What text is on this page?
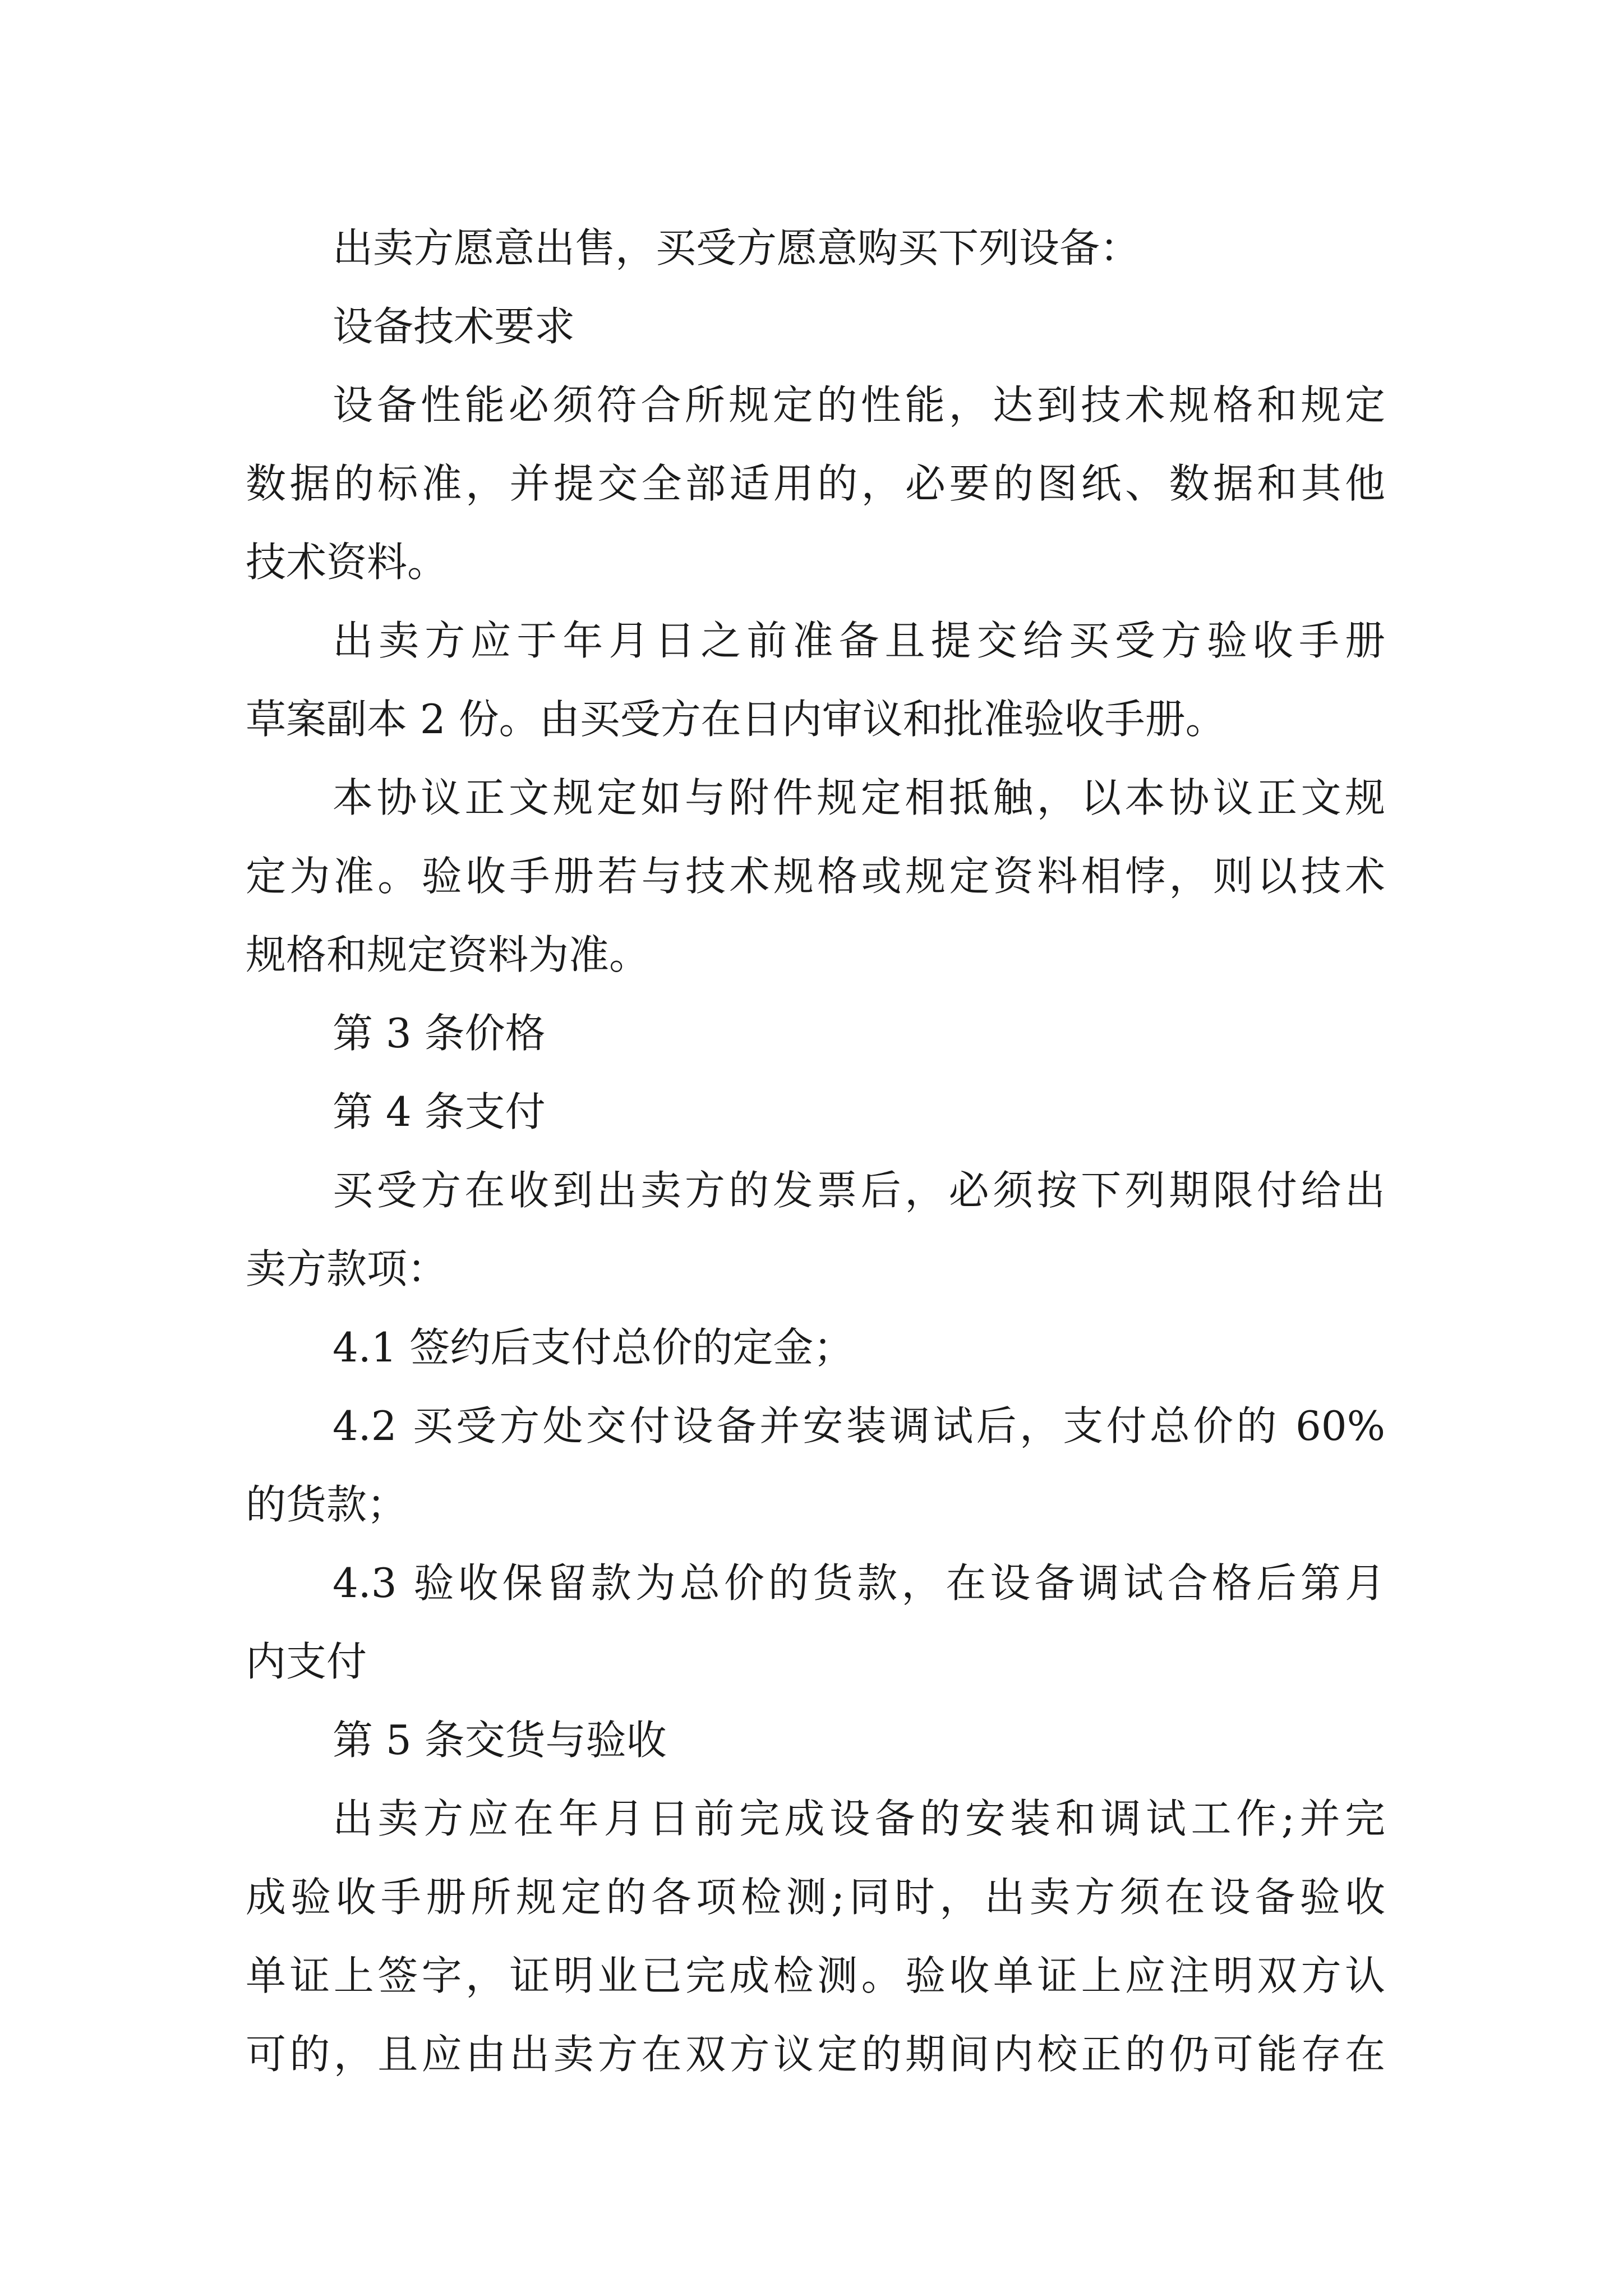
出卖方愿意出售，买受方愿意购买下列设备：
设备技术要求
设备性能必须符合所规定的性能，达到技术规格和规定
数据的标准，并提交全部适用的，必要的图纸、数据和其他
技术资料。
出卖方应于年月日之前准备且提交给买受方验收手册
草案副本 2 份。由买受方在日内审议和批准验收手册。
本协议正文规定如与附件规定相抵触，以本协议正文规
定为准。验收手册若与技术规格或规定资料相悖，则以技术
规格和规定资料为准。
第 3 条价格
第 4 条支付
买受方在收到出卖方的发票后，必须按下列期限付给出
卖方款项：
4.1 签约后支付总价的定金；
4.2 买受方处交付设备并安装调试后，支付总价的 60%
的货款；
4.3 验收保留款为总价的货款，在设备调试合格后第月
内支付
第 5 条交货与验收
出卖方应在年月日前完成设备的安装和调试工作;并完
成验收手册所规定的各项检测;同时，出卖方须在设备验收
单证上签字，证明业已完成检测。验收单证上应注明双方认
可的，且应由出卖方在双方议定的期间内校正的仍可能存在
